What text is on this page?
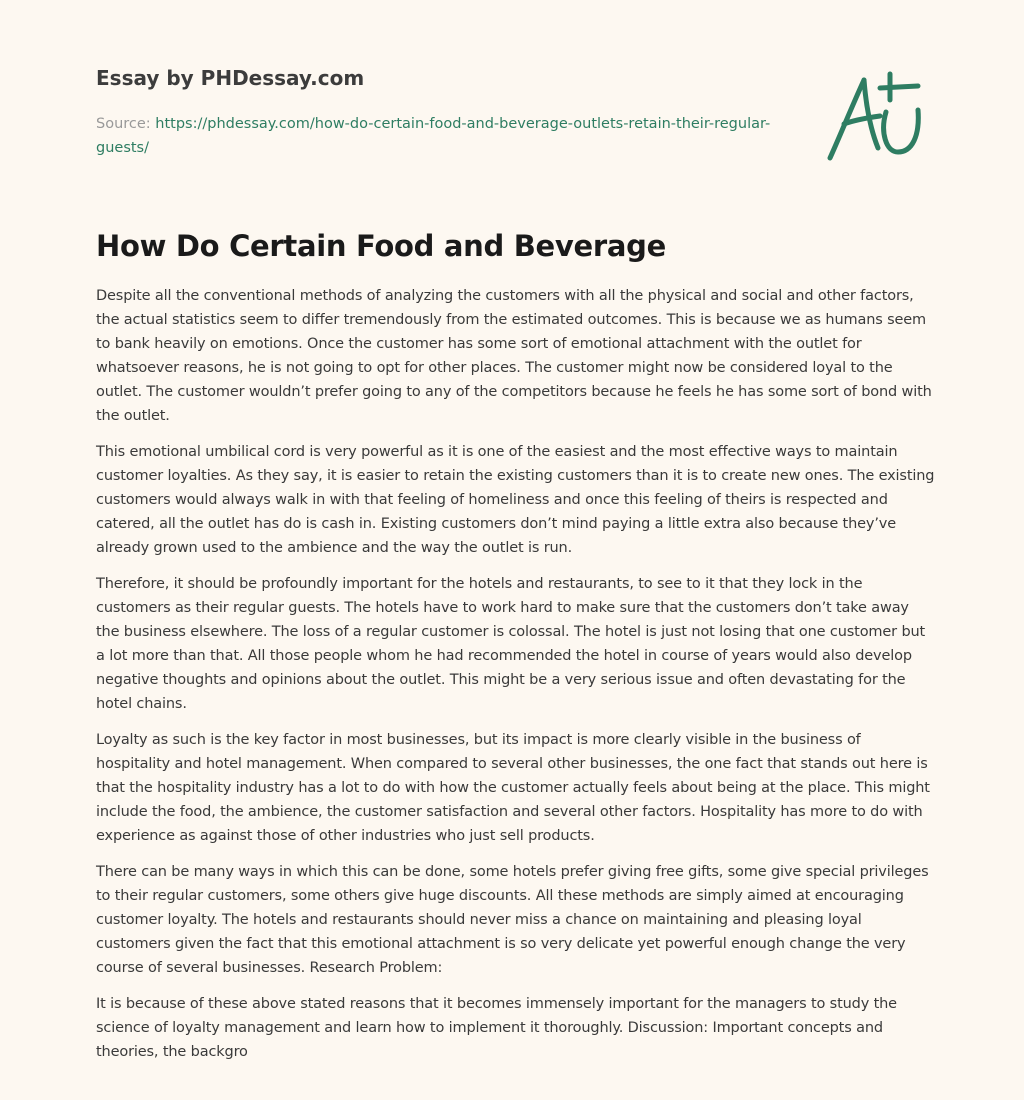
Essay by PHDessay.com
Source: https://phdessay.com/how-do-certain-food-and-beverage-outlets-retain-their-regular-guests/
How Do Certain Food and Beverage

Despite all the conventional methods of analyzing the customers with all the physical and social and other factors, the actual statistics seem to differ tremendously from the estimated outcomes. This is because we as humans seem to bank heavily on emotions. Once the customer has some sort of emotional attachment with the outlet for whatsoever reasons, he is not going to opt for other places. The customer might now be considered loyal to the outlet. The customer wouldn’t prefer going to any of the competitors because he feels he has some sort of bond with the outlet.

This emotional umbilical cord is very powerful as it is one of the easiest and the most effective ways to maintain customer loyalties. As they say, it is easier to retain the existing customers than it is to create new ones. The existing customers would always walk in with that feeling of homeliness and once this feeling of theirs is respected and catered, all the outlet has do is cash in. Existing customers don’t mind paying a little extra also because they’ve already grown used to the ambience and the way the outlet is run.

Therefore, it should be profoundly important for the hotels and restaurants, to see to it that they lock in the customers as their regular guests. The hotels have to work hard to make sure that the customers don’t take away the business elsewhere. The loss of a regular customer is colossal. The hotel is just not losing that one customer but a lot more than that. All those people whom he had recommended the hotel in course of years would also develop negative thoughts and opinions about the outlet. This might be a very serious issue and often devastating for the hotel chains.

Loyalty as such is the key factor in most businesses, but its impact is more clearly visible in the business of hospitality and hotel management. When compared to several other businesses, the one fact that stands out here is that the hospitality industry has a lot to do with how the customer actually feels about being at the place. This might include the food, the ambience, the customer satisfaction and several other factors. Hospitality has more to do with experience as against those of other industries who just sell products.

There can be many ways in which this can be done, some hotels prefer giving free gifts, some give special privileges to their regular customers, some others give huge discounts. All these methods are simply aimed at encouraging customer loyalty. The hotels and restaurants should never miss a chance on maintaining and pleasing loyal customers given the fact that this emotional attachment is so very delicate yet powerful enough change the very course of several businesses. Research Problem:

It is because of these above stated reasons that it becomes immensely important for the managers to study the science of loyalty management and learn how to implement it thoroughly. Discussion: Important concepts and theories, the backgro
